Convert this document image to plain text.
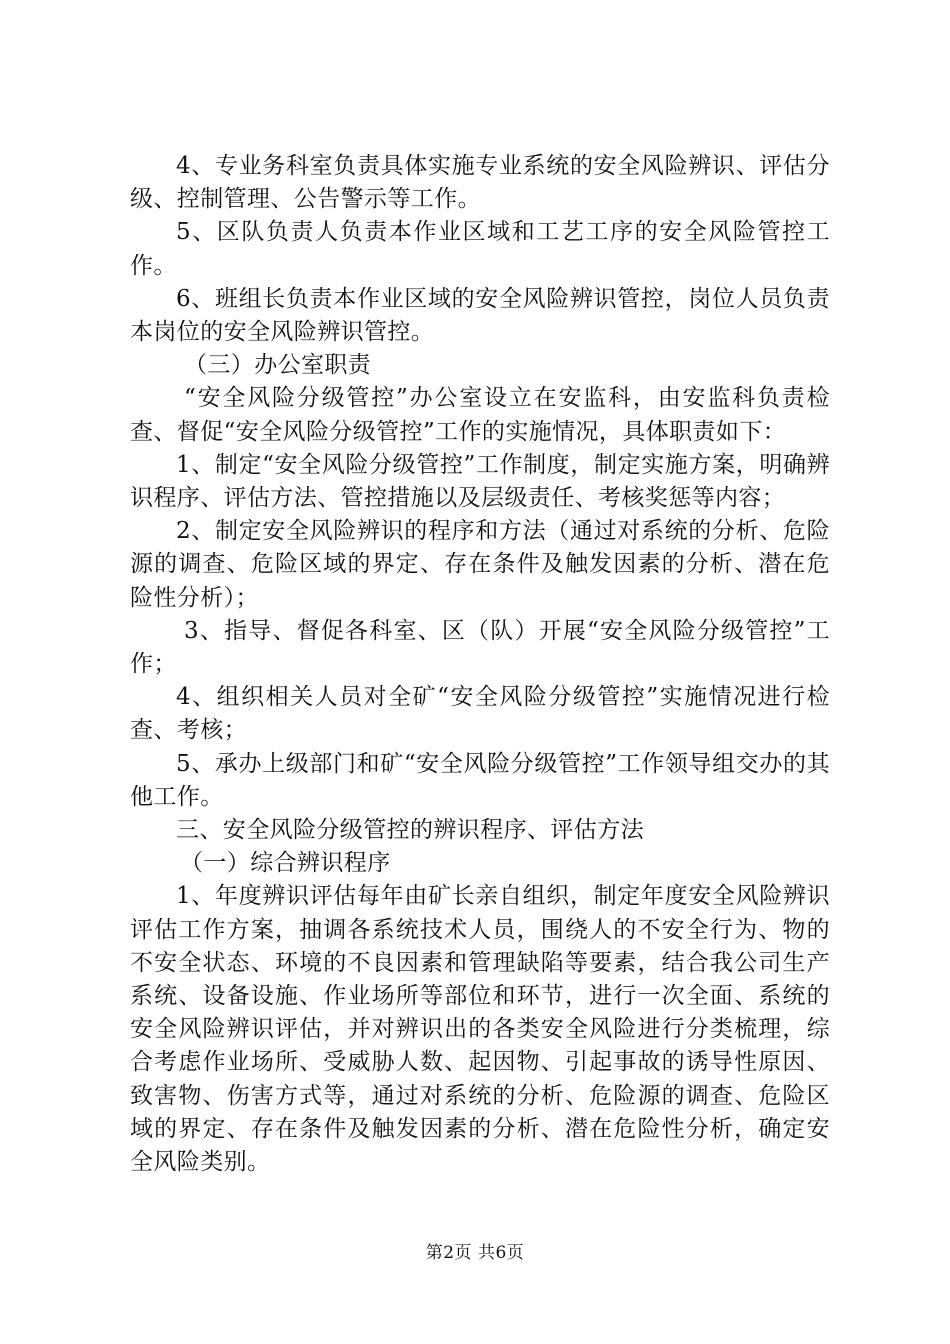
4、专业务科室负责具体实施专业系统的安全风险辨识、评估分级、控制管理、公告警示等工作。

5、区队负责人负责本作业区域和工艺工序的安全风险管控工作。

6、班组长负责本作业区域的安全风险辨识管控，岗位人员负责本岗位的安全风险辨识管控。

（三）办公室职责

“安全风险分级管控”办公室设立在安监科，由安监科负责检查、督促“安全风险分级管控”工作的实施情况，具体职责如下：

1、制定“安全风险分级管控”工作制度，制定实施方案，明确辨识程序、评估方法、管控措施以及层级责任、考核奖惩等内容；

2、制定安全风险辨识的程序和方法（通过对系统的分析、危险源的调查、危险区域的界定、存在条件及触发因素的分析、潜在危险性分析）；

3、指导、督促各科室、区（队）开展“安全风险分级管控”工作；

4、组织相关人员对全矿“安全风险分级管控”实施情况进行检查、考核；

5、承办上级部门和矿“安全风险分级管控”工作领导组交办的其他工作。

三、安全风险分级管控的辨识程序、评估方法

（一）综合辨识程序

1、年度辨识评估每年由矿长亲自组织，制定年度安全风险辨识评估工作方案，抽调各系统技术人员，围绕人的不安全行为、物的不安全状态、环境的不良因素和管理缺陷等要素，结合我公司生产系统、设备设施、作业场所等部位和环节，进行一次全面、系统的安全风险辨识评估，并对辨识出的各类安全风险进行分类梳理，综合考虑作业场所、受威胁人数、起因物、引起事故的诱导性原因、致害物、伤害方式等，通过对系统的分析、危险源的调查、危险区域的界定、存在条件及触发因素的分析、潜在危险性分析，确定安全风险类别。

第2页 共6页
